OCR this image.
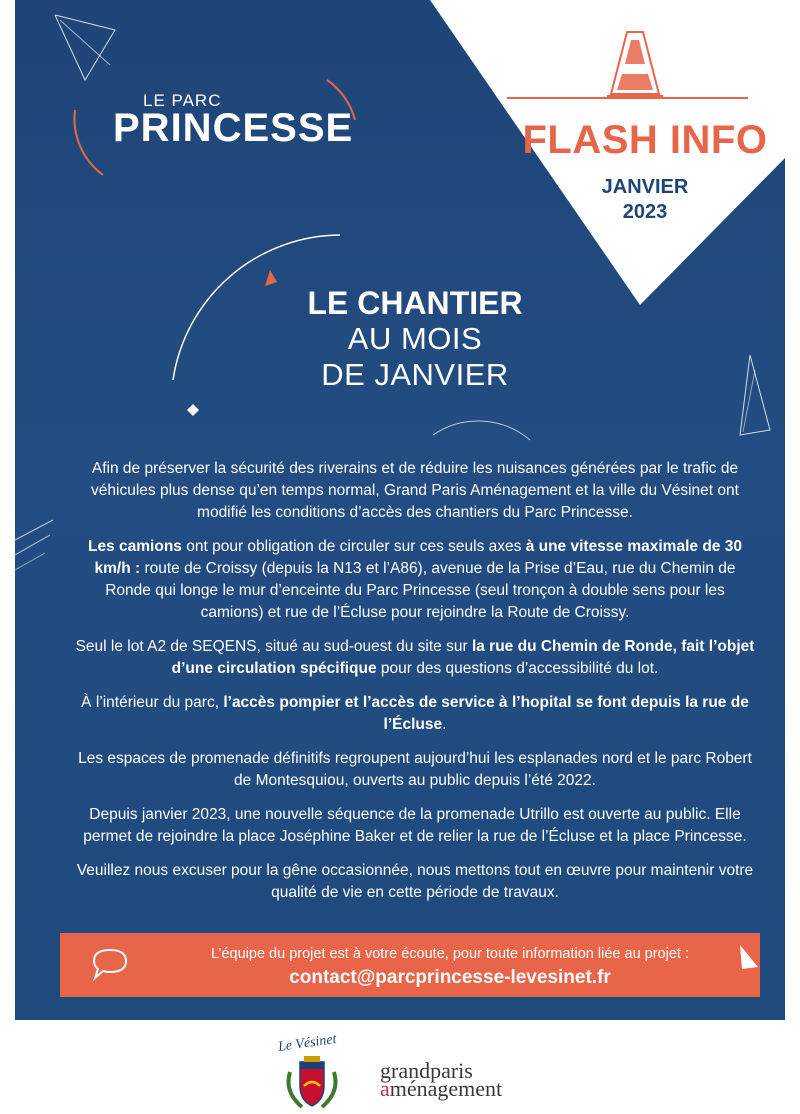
LE PARC
PRINCESSE	FLASH INFO
JANVIER
2023
LE CHANTIER
AU MOIS
DE JANVIER

Afin de préserver la sécurité des riverains et de réduire les nuisances générées par le trafic de véhicules plus dense qu’en temps normal, Grand Paris Aménagement et la ville du Vésinet ont modifié les conditions d’accès des chantiers du Parc Princesse.

Les camions ont pour obligation de circuler sur ces seuls axes à une vitesse maximale de 30 km/h : route de Croissy (depuis la N13 et l’A86), avenue de la Prise d’Eau, rue du Chemin de Ronde qui longe le mur d’enceinte du Parc Princesse (seul tronçon à double sens pour les camions) et rue de l’Écluse pour rejoindre la Route de Croissy.

Seul le lot A2 de SEQENS, situé au sud-ouest du site sur la rue du Chemin de Ronde, fait l’objet d’une circulation spécifique pour des questions d’accessibilité du lot.

À l’intérieur du parc, l’accès pompier et l’accès de service à l’hopital se font depuis la rue de l’Écluse.

Les espaces de promenade définitifs regroupent aujourd’hui les esplanades nord et le parc Robert de Montesquiou, ouverts au public depuis l’été 2022.

Depuis janvier 2023, une nouvelle séquence de la promenade Utrillo est ouverte au public. Elle permet de rejoindre la place Joséphine Baker et de relier la rue de l’Écluse et la place Princesse.

Veuillez nous excuser pour la gêne occasionnée, nous mettons tout en œuvre pour maintenir votre qualité de vie en cette période de travaux.

L’équipe du projet est à votre écoute, pour toute information liée au projet :
contact@parcprincesse-levesinet.fr
Le Vésinet
grandparis
aménagement
